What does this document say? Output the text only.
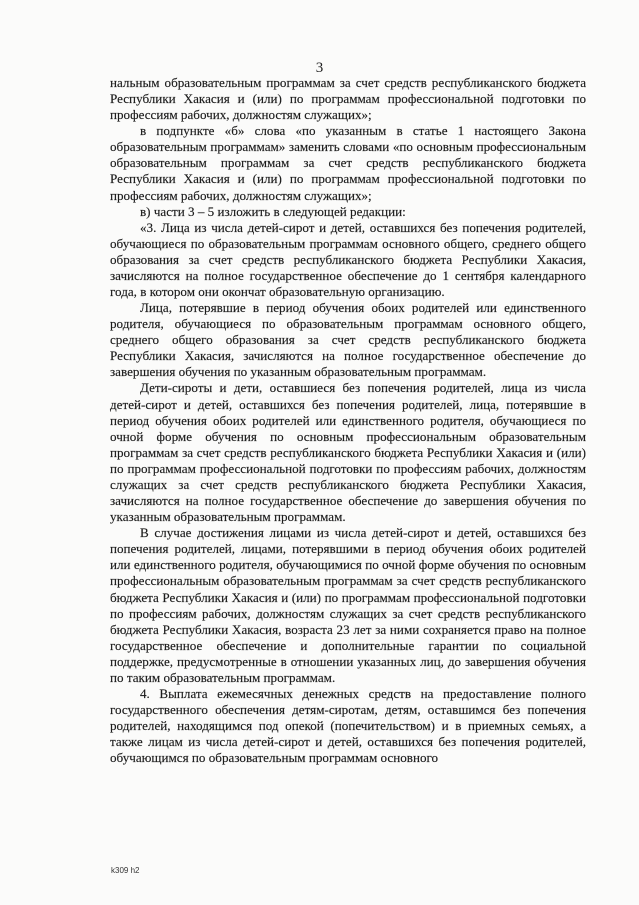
3

нальным образовательным программам за счет средств республиканского бюджета Республики Хакасия и (или) по программам профессиональной подготовки по профессиям рабочих, должностям служащих»;

в подпункте «б» слова «по указанным в статье 1 настоящего Закона образовательным программам» заменить словами «по основным профессиональным образовательным программам за счет средств республиканского бюджета Республики Хакасия и (или) по программам профессиональной подготовки по профессиям рабочих, должностям служащих»;

в) части 3 – 5 изложить в следующей редакции:

«3. Лица из числа детей-сирот и детей, оставшихся без попечения родителей, обучающиеся по образовательным программам основного общего, среднего общего образования за счет средств республиканского бюджета Республики Хакасия, зачисляются на полное государственное обеспечение до 1 сентября календарного года, в котором они окончат образовательную организацию.

Лица, потерявшие в период обучения обоих родителей или единственного родителя, обучающиеся по образовательным программам основного общего, среднего общего образования за счет средств республиканского бюджета Республики Хакасия, зачисляются на полное государственное обеспечение до завершения обучения по указанным образовательным программам.

Дети-сироты и дети, оставшиеся без попечения родителей, лица из числа детей-сирот и детей, оставшихся без попечения родителей, лица, потерявшие в период обучения обоих родителей или единственного родителя, обучающиеся по очной форме обучения по основным профессиональным образовательным программам за счет средств республиканского бюджета Республики Хакасия и (или) по программам профессиональной подготовки по профессиям рабочих, должностям служащих за счет средств республиканского бюджета Республики Хакасия, зачисляются на полное государственное обеспечение до завершения обучения по указанным образовательным программам.

В случае достижения лицами из числа детей-сирот и детей, оставшихся без попечения родителей, лицами, потерявшими в период обучения обоих родителей или единственного родителя, обучающимися по очной форме обучения по основным профессиональным образовательным программам за счет средств республиканского бюджета Республики Хакасия и (или) по программам профессиональной подготовки по профессиям рабочих, должностям служащих за счет средств республиканского бюджета Республики Хакасия, возраста 23 лет за ними сохраняется право на полное государственное обеспечение и дополнительные гарантии по социальной поддержке, предусмотренные в отношении указанных лиц, до завершения обучения по таким образовательным программам.

4. Выплата ежемесячных денежных средств на предоставление полного государственного обеспечения детям-сиротам, детям, оставшимся без попечения родителей, находящимся под опекой (попечительством) и в приемных семьях, а также лицам из числа детей-сирот и детей, оставшихся без попечения родителей, обучающимся по образовательным программам основного

k309 h2
